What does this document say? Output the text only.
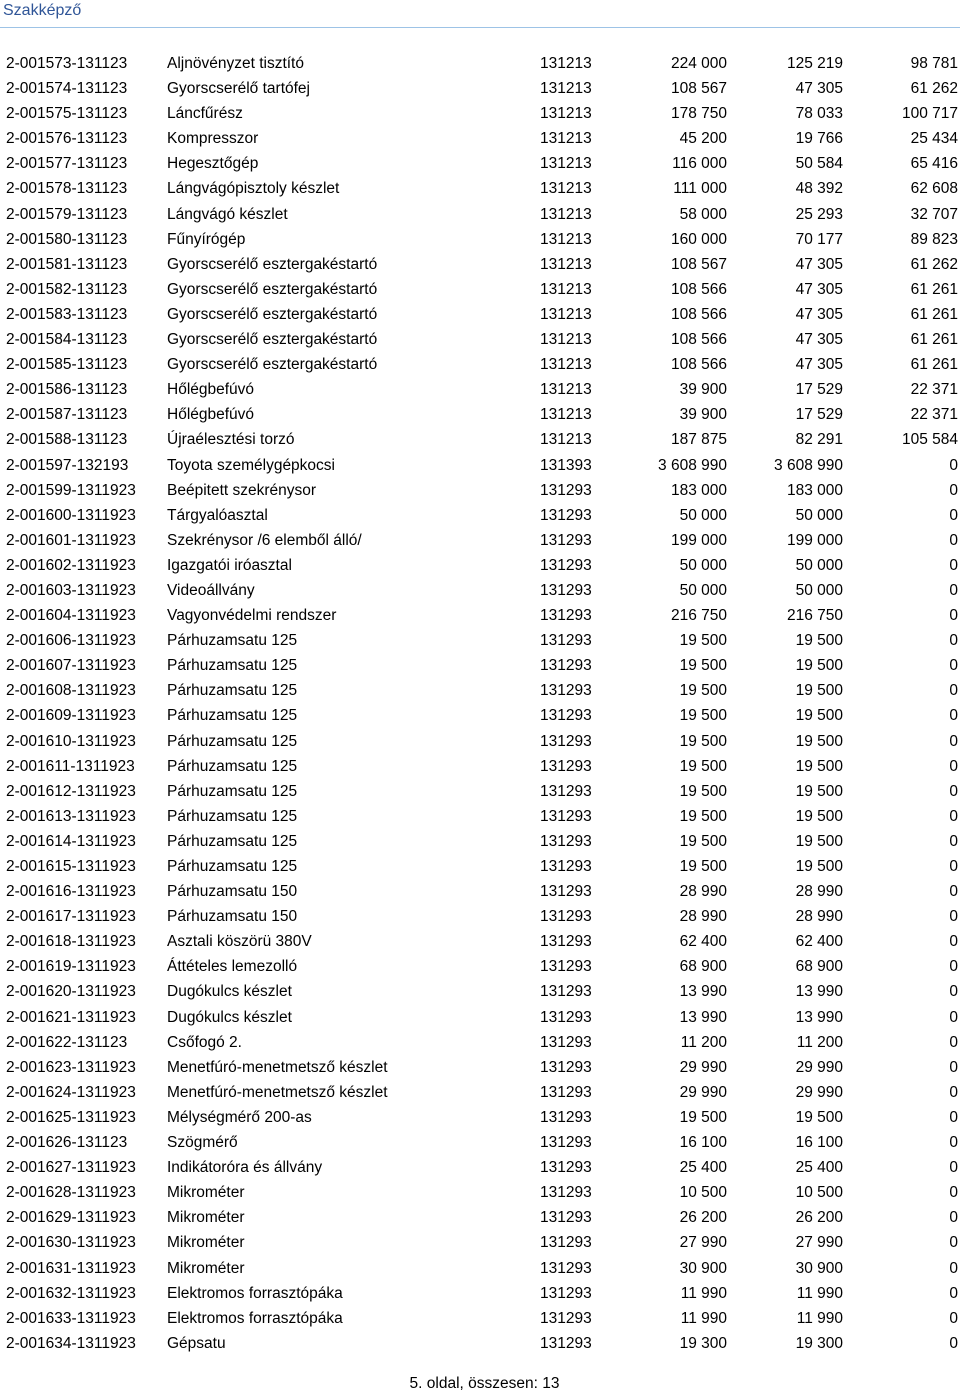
Szakképző
2-001573-131123	Aljnövényzet tisztító	131213	224 000	125 219	98 781
2-001574-131123	Gyorscserélő tartófej	131213	108 567	47 305	61 262
2-001575-131123	Láncfűrész	131213	178 750	78 033	100 717
2-001576-131123	Kompresszor	131213	45 200	19 766	25 434
2-001577-131123	Hegesztőgép	131213	116 000	50 584	65 416
2-001578-131123	Lángvágópisztoly készlet	131213	111 000	48 392	62 608
2-001579-131123	Lángvágó készlet	131213	58 000	25 293	32 707
2-001580-131123	Fűnyírógép	131213	160 000	70 177	89 823
2-001581-131123	Gyorscserélő esztergakéstartó	131213	108 567	47 305	61 262
2-001582-131123	Gyorscserélő esztergakéstartó	131213	108 566	47 305	61 261
2-001583-131123	Gyorscserélő esztergakéstartó	131213	108 566	47 305	61 261
2-001584-131123	Gyorscserélő esztergakéstartó	131213	108 566	47 305	61 261
2-001585-131123	Gyorscserélő esztergakéstartó	131213	108 566	47 305	61 261
2-001586-131123	Hőlégbefúvó	131213	39 900	17 529	22 371
2-001587-131123	Hőlégbefúvó	131213	39 900	17 529	22 371
2-001588-131123	Újraélesztési torzó	131213	187 875	82 291	105 584
2-001597-132193 Toyota személygépkocsi	131393	3 608 990	3 608 990	0
2-001599-1311923 Beépitett szekrénysor	131293	183 000	183 000	0
2-001600-1311923 Tárgyalóasztal	131293	50 000	50 000	0
2-001601-1311923 Szekrénysor /6 elemből álló/	131293	199 000	199 000	0
2-001602-1311923 Igazgatói iróasztal	131293	50 000	50 000	0
2-001603-1311923 Videoállvány	131293	50 000	50 000	0
2-001604-1311923 Vagyonvédelmi rendszer	131293	216 750	216 750	0
2-001606-1311923 Párhuzamsatu 125	131293	19 500	19 500	0
2-001607-1311923 Párhuzamsatu 125	131293	19 500	19 500	0
2-001608-1311923 Párhuzamsatu 125	131293	19 500	19 500	0
2-001609-1311923 Párhuzamsatu 125	131293	19 500	19 500	0
2-001610-1311923 Párhuzamsatu 125	131293	19 500	19 500	0
2-001611-1311923 Párhuzamsatu 125	131293	19 500	19 500	0
2-001612-1311923 Párhuzamsatu 125	131293	19 500	19 500	0
2-001613-1311923 Párhuzamsatu 125	131293	19 500	19 500	0
2-001614-1311923 Párhuzamsatu 125	131293	19 500	19 500	0
2-001615-1311923 Párhuzamsatu 125	131293	19 500	19 500	0
2-001616-1311923 Párhuzamsatu 150	131293	28 990	28 990	0
2-001617-1311923 Párhuzamsatu 150	131293	28 990	28 990	0
2-001618-1311923 Asztali köszörü 380V	131293	62 400	62 400	0
2-001619-1311923 Áttételes lemezolló	131293	68 900	68 900	0
2-001620-1311923 Dugókulcs készlet	131293	13 990	13 990	0
2-001621-1311923 Dugókulcs készlet	131293	13 990	13 990	0
2-001622-131123	Csőfogó 2.	131293	11 200	11 200	0
2-001623-1311923 Menetfúró-menetmetsző készlet	131293	29 990	29 990	0
2-001624-1311923 Menetfúró-menetmetsző készlet	131293	29 990	29 990	0
2-001625-1311923 Mélységmérő 200-as	131293	19 500	19 500	0
2-001626-131123	Szögmérő	131293	16 100	16 100	0
2-001627-1311923 Indikátoróra és állvány	131293	25 400	25 400	0
2-001628-1311923 Mikrométer	131293	10 500	10 500	0
2-001629-1311923 Mikrométer	131293	26 200	26 200	0
2-001630-1311923 Mikrométer	131293	27 990	27 990	0
2-001631-1311923 Mikrométer	131293	30 900	30 900	0
2-001632-1311923 Elektromos forrasztópáka	131293	11 990	11 990	0
2-001633-1311923 Elektromos forrasztópáka	131293	11 990	11 990	0
2-001634-1311923 Gépsatu	131293	19 300	19 300	0
5. oldal, összesen: 13
